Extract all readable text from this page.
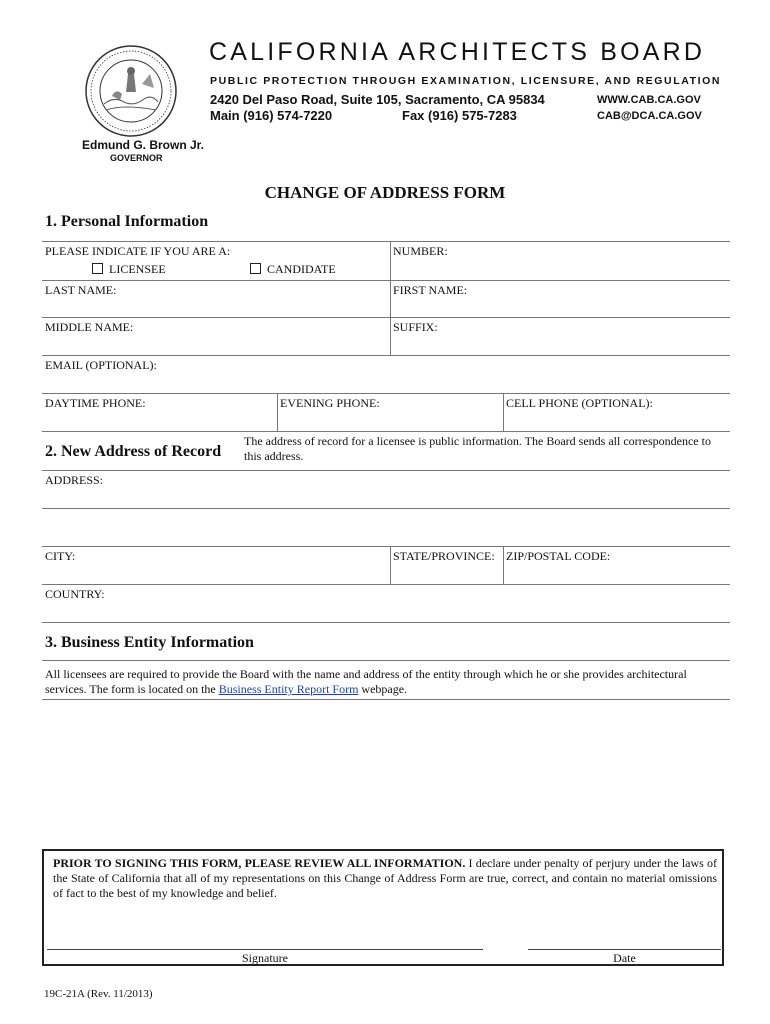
CALIFORNIA ARCHITECTS BOARD
PUBLIC PROTECTION THROUGH EXAMINATION, LICENSURE, AND REGULATION
2420 Del Paso Road, Suite 105, Sacramento, CA 95834
Main (916) 574-7220	Fax (916) 575-7283
WWW.CAB.CA.GOV
CAB@DCA.CA.GOV
Edmund G. Brown Jr.
GOVERNOR
CHANGE OF ADDRESS FORM
1. Personal Information
PLEASE INDICATE IF YOU ARE A:
LICENSEE	CANDIDATE
NUMBER:
LAST NAME:	FIRST NAME:
MIDDLE NAME:	SUFFIX:
EMAIL (OPTIONAL):
DAYTIME PHONE:	EVENING PHONE:	CELL PHONE (OPTIONAL):
2. New Address of Record
The address of record for a licensee is public information. The Board sends all correspondence to this address.
ADDRESS:
CITY:	STATE/PROVINCE: ZIP/POSTAL CODE:
COUNTRY:
3. Business Entity Information
All licensees are required to provide the Board with the name and address of the entity through which he or she provides architectural services. The form is located on the Business Entity Report Form webpage.
PRIOR TO SIGNING THIS FORM, PLEASE REVIEW ALL INFORMATION. I declare under penalty of perjury under the laws of the State of California that all of my representations on this Change of Address Form are true, correct, and contain no material omissions of fact to the best of my knowledge and belief.
Signature	Date
19C-21A (Rev. 11/2013)
